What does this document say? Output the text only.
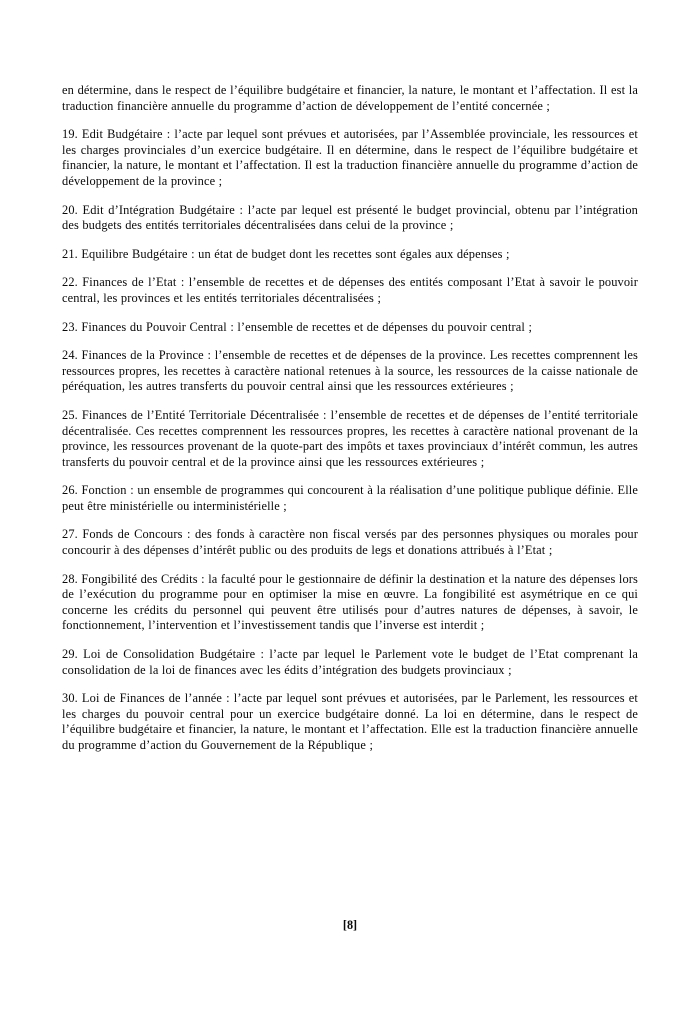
en détermine, dans le respect de l’équilibre budgétaire et financier, la nature, le montant et l’affectation. Il est la traduction financière annuelle du programme d’action de développement de l’entité concernée ;

19. Edit Budgétaire : l’acte par lequel sont prévues et autorisées, par l’Assemblée provinciale, les ressources et les charges provinciales d’un exercice budgétaire. Il en détermine, dans le respect de l’équilibre budgétaire et financier, la nature, le montant et l’affectation. Il est la traduction financière annuelle du programme d’action de développement de la province ;

20. Edit d’Intégration Budgétaire : l’acte par lequel est présenté le budget provincial, obtenu par l’intégration des budgets des entités territoriales décentralisées dans celui de la province ;

21. Equilibre Budgétaire : un état de budget dont les recettes sont égales aux dépenses ;

22. Finances de l’Etat : l’ensemble de recettes et de dépenses des entités composant l’Etat à savoir le pouvoir central, les provinces et les entités territoriales décentralisées ;

23. Finances du Pouvoir Central : l’ensemble de recettes et de dépenses du pouvoir central ;

24. Finances de la Province : l’ensemble de recettes et de dépenses de la province. Les recettes comprennent les ressources propres, les recettes à caractère national retenues à la source, les ressources de la caisse nationale de péréquation, les autres transferts du pouvoir central ainsi que les ressources extérieures ;

25. Finances de l’Entité Territoriale Décentralisée : l’ensemble de recettes et de dépenses de l’entité territoriale décentralisée. Ces recettes comprennent les ressources propres, les recettes à caractère national provenant de la province, les ressources provenant de la quote-part des impôts et taxes provinciaux d’intérêt commun, les autres transferts du pouvoir central et de la province ainsi que les ressources extérieures ;

26. Fonction : un ensemble de programmes qui concourent à la réalisation d’une politique publique définie. Elle peut être ministérielle ou interministérielle ;

27. Fonds de Concours : des fonds à caractère non fiscal versés par des personnes physiques ou morales pour concourir à des dépenses d’intérêt public ou des produits de legs et donations attribués à l’Etat ;

28. Fongibilité des Crédits : la faculté pour le gestionnaire de définir la destination et la nature des dépenses lors de l’exécution du programme pour en optimiser la mise en œuvre. La fongibilité est asymétrique en ce qui concerne les crédits du personnel qui peuvent être utilisés pour d’autres natures de dépenses, à savoir, le fonctionnement, l’intervention et l’investissement tandis que l’inverse est interdit ;

29. Loi de Consolidation Budgétaire : l’acte par lequel le Parlement vote le budget de l’Etat comprenant la consolidation de la loi de finances avec les édits d’intégration des budgets provinciaux ;

30. Loi de Finances de l’année : l’acte par lequel sont prévues et autorisées, par le Parlement, les ressources et les charges du pouvoir central pour un exercice budgétaire donné. La loi en détermine, dans le respect de l’équilibre budgétaire et financier, la nature, le montant et l’affectation. Elle est la traduction financière annuelle du programme d’action du Gouvernement de la République ;

[8]
